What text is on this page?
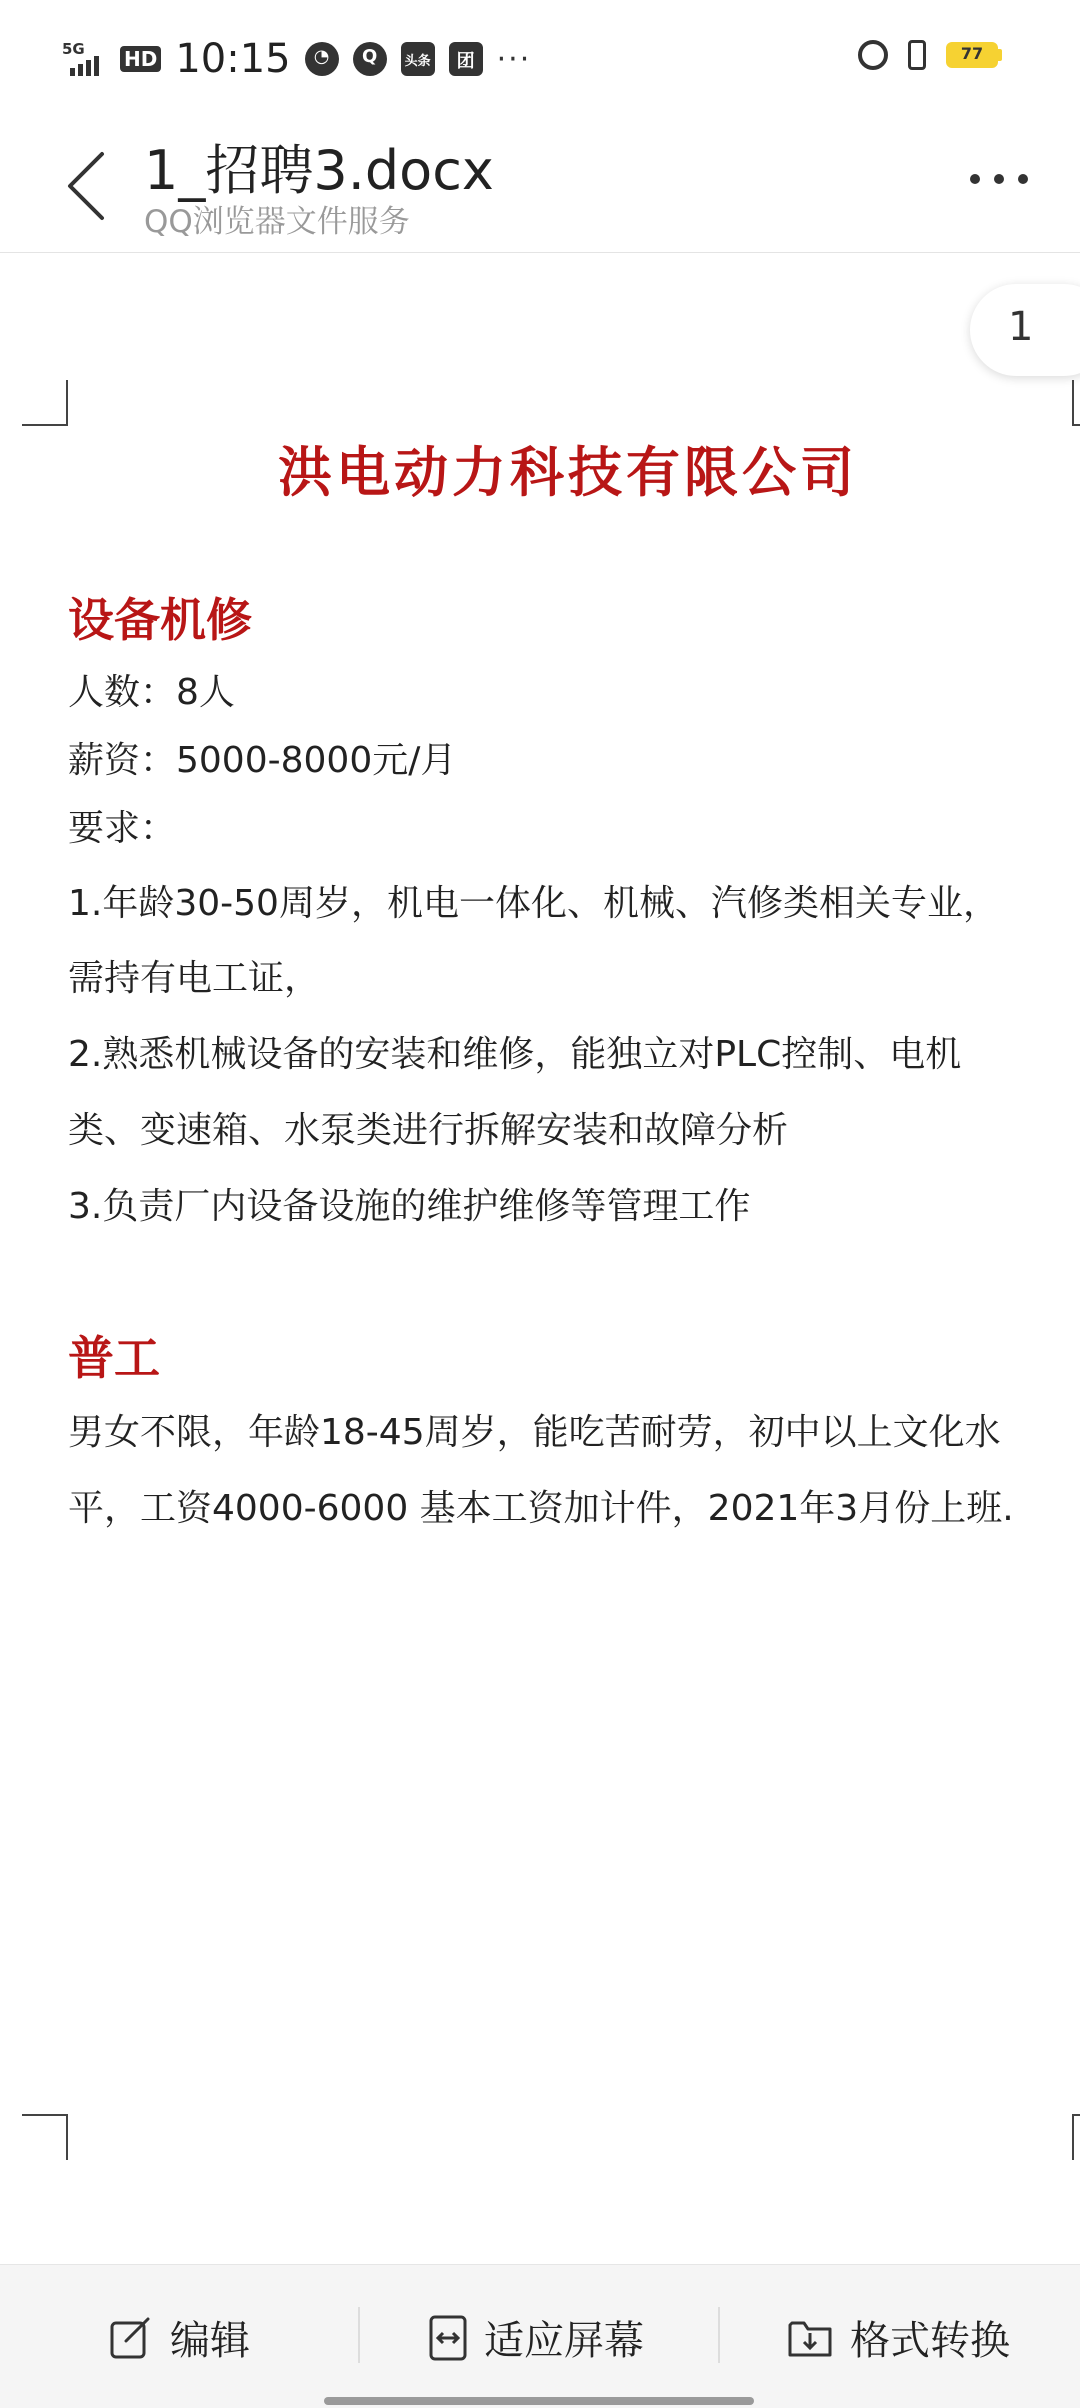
5G HD 10:15	◔	Q	头条	团 ···	77
1_招聘3.docx
QQ浏览器文件服务
1
洪电动力科技有限公司
设备机修
人数：8人
薪资：5000-8000元/月
要求：
1.年龄30-50周岁，机电一体化、机械、汽修类相关专业，
需持有电工证，
2.熟悉机械设备的安装和维修，能独立对PLC控制、电机
类、变速箱、水泵类进行拆解安装和故障分析
3.负责厂内设备设施的维护维修等管理工作
普工
男女不限，年龄18-45周岁，能吃苦耐劳，初中以上文化水
平，工资4000-6000 基本工资加计件，2021年3月份上班.
编辑	适应屏幕	格式转换
